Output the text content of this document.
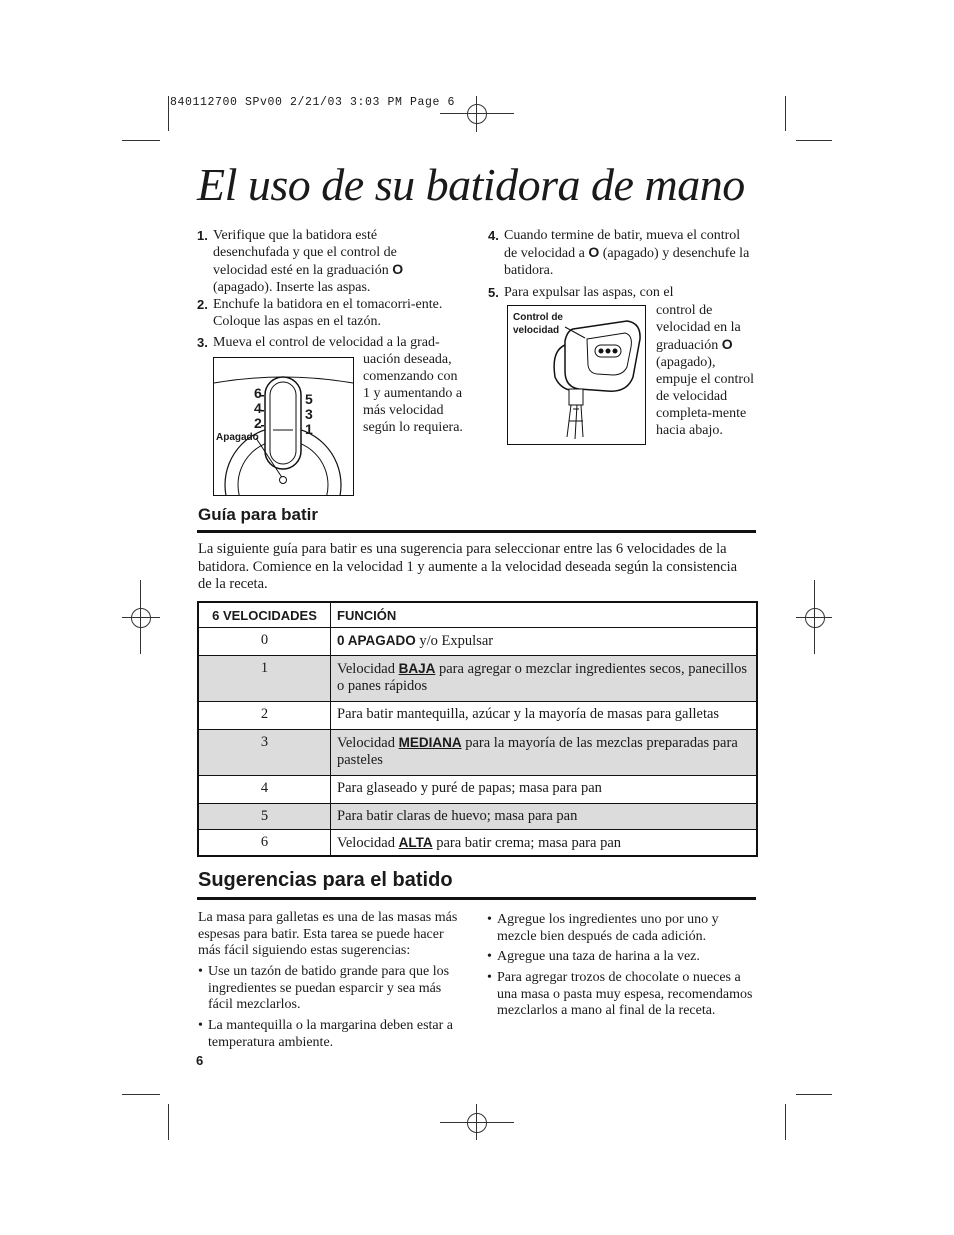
840112700 SPv00 2/21/03 3:03 PM Page 6
El uso de su batidora de mano
1. Verifique que la batidora esté desenchufada y que el control de velocidad esté en la graduación O (apagado). Inserte las aspas.
2. Enchufe la batidora en el tomacorri-ente. Coloque las aspas en el tazón.
3. Mueva el control de velocidad a la grad-
uación deseada, comenzando con 1 y aumentando a más velocidad según lo requiera.
6
4
2
5
3
1
Apagado
4. Cuando termine de batir, mueva el control de velocidad a O (apagado) y desenchufe la batidora.
5. Para expulsar las aspas, con el
control de velocidad en la graduación O (apagado), empuje el control de velocidad completa-mente hacia abajo.
Control de velocidad
Guía para batir
La siguiente guía para batir es una sugerencia para seleccionar entre las 6 velocidades de la batidora. Comience en la velocidad 1 y aumente a la velocidad deseada según la consistencia de la receta.
6 VELOCIDADES	FUNCIÓN
0	0 APAGADO y/o Expulsar
1	Velocidad BAJA para agregar o mezclar ingredientes secos, panecillos o panes rápidos
2	Para batir mantequilla, azúcar y la mayoría de masas para galletas
3	Velocidad MEDIANA para la mayoría de las mezclas preparadas para pasteles
4	Para glaseado y puré de papas; masa para pan
5	Para batir claras de huevo; masa para pan
6	Velocidad ALTA para batir crema; masa para pan
Sugerencias para el batido
La masa para galletas es una de las masas más espesas para batir. Esta tarea se puede hacer más fácil siguiendo estas sugerencias:
• Use un tazón de batido grande para que los ingredientes se puedan esparcir y sea más fácil mezclarlos.
• La mantequilla o la margarina deben estar a temperatura ambiente.
• Agregue los ingredientes uno por uno y mezcle bien después de cada adición.
• Agregue una taza de harina a la vez.
• Para agregar trozos de chocolate o nueces a una masa o pasta muy espesa, recomendamos mezclarlos a mano al final de la receta.
6
